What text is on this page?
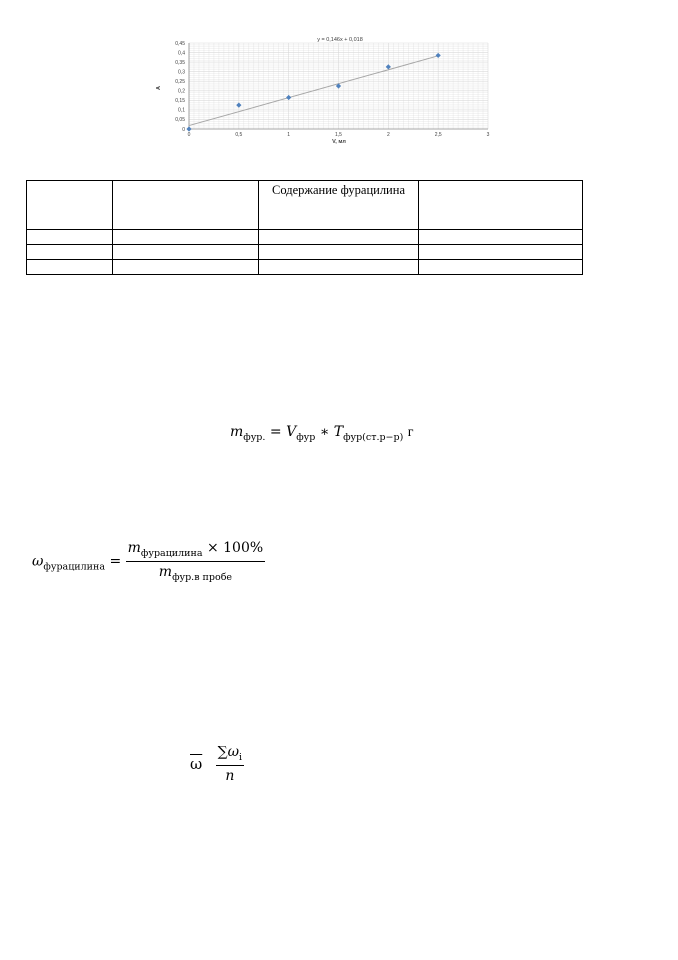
0	0,5	1	1,5	2	2,5	3
0
0,05
0,1
0,15
0,2
0,25
0,3
0,35
0,4
0,45
y = 0,146x + 0,018
V, мл
A
		Содержание фурацилина	

$m_{фур.} = V_{фур}$ ∗ $T_{фур(ст.р-р)}$ г
$\omega_{фурацилина} = \frac{m_{фурацилина} \times 100\%}{m_{фур.в пробе}}$
$\overline{\omega} \frac{\sum\omega_i}{n}$
